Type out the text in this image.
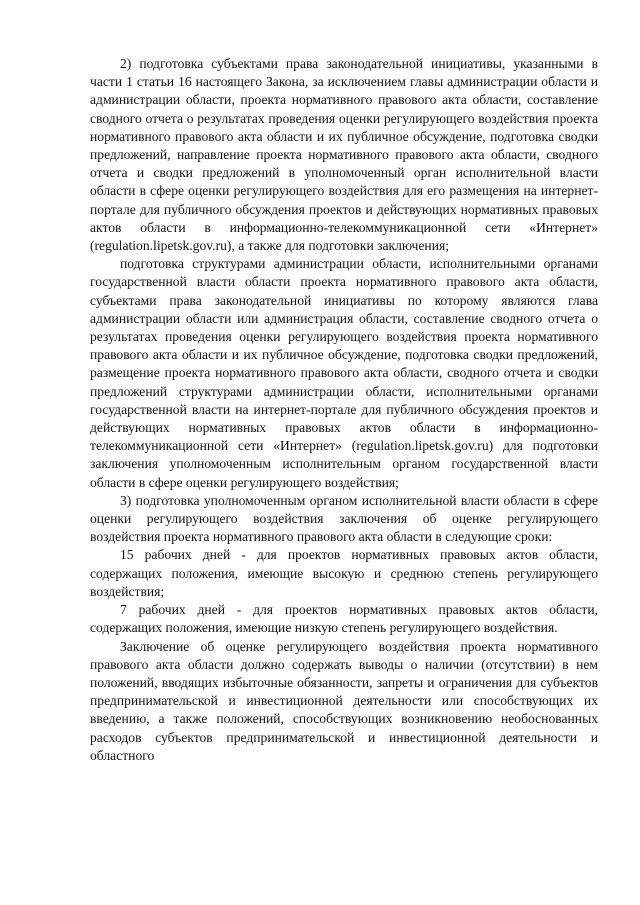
2) подготовка субъектами права законодательной инициативы, указанными в части 1 статьи 16 настоящего Закона, за исключением главы администрации области и администрации области, проекта нормативного правового акта области, составление сводного отчета о результатах проведения оценки регулирующего воздействия проекта нормативного правового акта области и их публичное обсуждение, подготовка сводки предложений, направление проекта нормативного правового акта области, сводного отчета и сводки предложений в уполномоченный орган исполнительной власти области в сфере оценки регулирующего воздействия для его размещения на интернет-портале для публичного обсуждения проектов и действующих нормативных правовых актов области в информационно-телекоммуникационной сети «Интернет» (regulation.lipetsk.gov.ru), а также для подготовки заключения;

подготовка структурами администрации области, исполнительными органами государственной власти области проекта нормативного правового акта области, субъектами права законодательной инициативы по которому являются глава администрации области или администрация области, составление сводного отчета о результатах проведения оценки регулирующего воздействия проекта нормативного правового акта области и их публичное обсуждение, подготовка сводки предложений, размещение проекта нормативного правового акта области, сводного отчета и сводки предложений структурами администрации области, исполнительными органами государственной власти на интернет-портале для публичного обсуждения проектов и действующих нормативных правовых актов области в информационно-телекоммуникационной сети «Интернет» (regulation.lipetsk.gov.ru) для подготовки заключения уполномоченным исполнительным органом государственной власти области в сфере оценки регулирующего воздействия;

3) подготовка уполномоченным органом исполнительной власти области в сфере оценки регулирующего воздействия заключения об оценке регулирующего воздействия проекта нормативного правового акта области в следующие сроки:

15 рабочих дней - для проектов нормативных правовых актов области, содержащих положения, имеющие высокую и среднюю степень регулирующего воздействия;

7 рабочих дней - для проектов нормативных правовых актов области, содержащих положения, имеющие низкую степень регулирующего воздействия.

Заключение об оценке регулирующего воздействия проекта нормативного правового акта области должно содержать выводы о наличии (отсутствии) в нем положений, вводящих избыточные обязанности, запреты и ограничения для субъектов предпринимательской и инвестиционной деятельности или способствующих их введению, а также положений, способствующих возникновению необоснованных расходов субъектов предпринимательской и инвестиционной деятельности и областного
